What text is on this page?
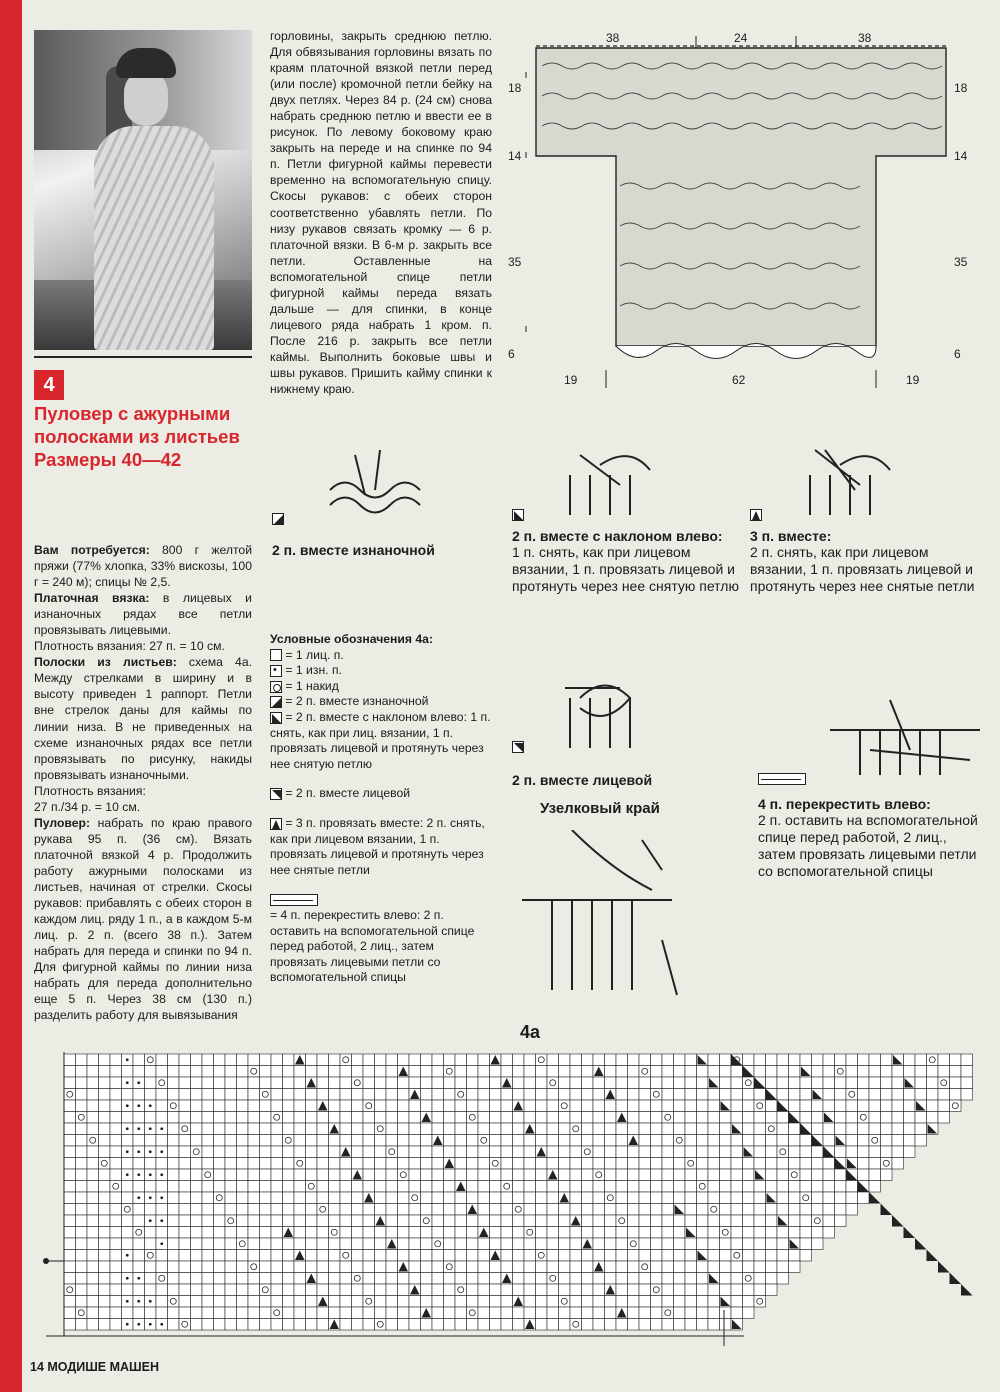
4
Пуловер с ажурными полосками из листьев Размеры 40—42

Вам потребуется: 800 г желтой пряжи (77% хлопка, 33% вискозы, 100 г = 240 м); спицы № 2,5.

Платочная вязка: в лицевых и изнаночных рядах все петли провязывать лицевыми.

Плотность вязания: 27 п. = 10 см.

Полоски из листьев: схема 4а. Между стрелками в ширину и в высоту приведен 1 раппорт. Петли вне стрелок даны для каймы по линии низа. В не приведенных на схеме изнаночных рядах все петли провязывать по рисунку, накиды провязывать изнаночными.

Плотность вязания:

27 п./34 р. = 10 см.

Пуловер: набрать по краю правого рукава 95 п. (36 см). Вязать платочной вязкой 4 р. Продолжить работу ажурными полосками из листьев, начиная от стрелки. Скосы рукавов: прибавлять с обеих сторон в каждом лиц. ряду 1 п., а в каждом 5-м лиц. р. 2 п. (всего 38 п.). Затем набрать для переда и спинки по 94 п. Для фигурной каймы по линии низа набрать для переда дополнительно еще 5 п. Через 38 см (130 п.) разделить работу для вывязывания

горловины, закрыть среднюю петлю. Для обвязывания горловины вязать по краям платочной вязкой петли перед (или после) кромочной петли бейку на двух петлях. Через 84 р. (24 см) снова набрать среднюю петлю и ввести ее в рисунок. По левому боковому краю закрыть на переде и на спинке по 94 п. Петли фигурной каймы перевести временно на вспомогательную спицу. Скосы рукавов: с обеих сторон соответственно убавлять петли. По низу рукавов связать кромку — 6 р. платочной вязки. В 6-м р. закрыть все петли. Оставленные на вспомогательной спице петли фигурной каймы переда вязать дальше — для спинки, в конце лицевого ряда набрать 1 кром. п. После 216 р. закрыть все петли каймы. Выполнить боковые швы и швы рукавов. Пришить кайму спинки к нижнему краю.

38	24	38
18
14
35
6
18
14
35
6
19	62	19
2 п. вместе изнаночной
2 п. вместе с наклоном влево:
1 п. снять, как при лицевом вязании, 1 п. провязать лицевой и протянуть через нее снятую петлю
3 п. вместе:
2 п. снять, как при лицевом вязании, 1 п. провязать лицевой и протянуть через нее снятые петли
2 п. вместе лицевой
Узелковый край	4 п. перекрестить влево:
2 п. оставить на вспомогательной спице перед работой, 2 лиц., затем провязать лицевыми петли со вспомогательной спицы
Условные обозначения 4а:
= 1 лиц. п.
• = 1 изн. п.
= 1 накид
= 2 п. вместе изнаночной
= 2 п. вместе с наклоном влево: 1 п. снять, как при лиц. вязании, 1 п. провязать лицевой и протянуть через нее снятую петлю
= 2 п. вместе лицевой
= 3 п. провязать вместе: 2 п. снять, как при лицевом вязании, 1 п. провязать лицевой и протянуть через нее снятые петли
= 4 п. перекрестить влево: 2 п. оставить на вспомогательной спице перед работой, 2 лиц., затем провязать лицевыми петли со вспомогательной спицы
4а
14 МОДИШЕ МАШЕН
